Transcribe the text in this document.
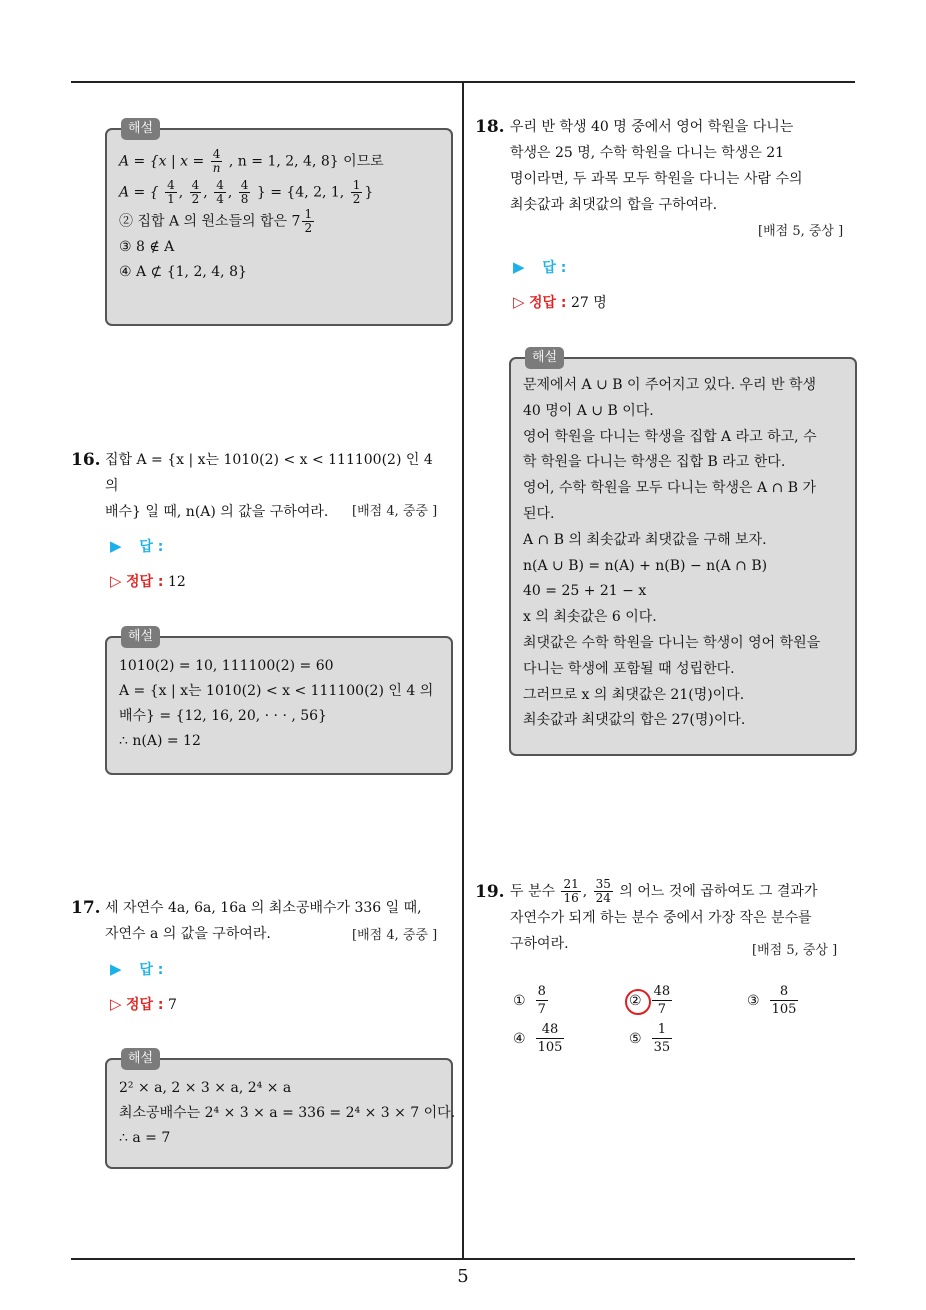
해설
A = {x | $x = \frac{4}{n}$ , n = 1, 2, 4, 8} 이므로
A = { $\frac{4}{1}$ , $\frac{4}{2}$ , $\frac{4}{4}$ , $\frac{4}{8}$ } = {4, 2, 1, $\frac{1}{2}$ }
② 집합 A 의 원소들의 합은 $7 \frac{1}{2}$
③ 8 ∉ A
④ A ⊄ {1, 2, 4, 8}
16. 집합 A = {x | x는 1010(2) < x < 111100(2) 인 4 의
배수} 일 때, n(A) 의 값을 구하여라.	[배점 4, 중중 ]
▶ 답 :
▷ 정답 : 12
해설
1010(2) = 10, 111100(2) = 60
A = {x | x는 1010(2) < x < 111100(2) 인 4 의
배수} = {12, 16, 20, · · · , 56}
∴ n(A) = 12
17. 세 자연수 4a, 6a, 16a 의 최소공배수가 336 일 때,
자연수 a 의 값을 구하여라.	[배점 4, 중중 ]
▶ 답 :
▷ 정답 : 7
해설
2² × a, 2 × 3 × a, 2⁴ × a
최소공배수는 2⁴ × 3 × a = 336 = 2⁴ × 3 × 7 이다.
∴ a = 7
18. 우리 반 학생 40 명 중에서 영어 학원을 다니는
학생은 25 명, 수학 학원을 다니는 학생은 21
명이라면, 두 과목 모두 학원을 다니는 사람 수의
최솟값과 최댓값의 합을 구하여라.
[배점 5, 중상 ]
▶ 답 :
▷ 정답 : 27 명
해설
문제에서 A ∪ B 이 주어지고 있다. 우리 반 학생
40 명이 A ∪ B 이다.
영어 학원을 다니는 학생을 집합 A 라고 하고, 수
학 학원을 다니는 학생은 집합 B 라고 한다.
영어, 수학 학원을 모두 다니는 학생은 A ∩ B 가
된다.
A ∩ B 의 최솟값과 최댓값을 구해 보자.
n(A ∪ B) = n(A) + n(B) − n(A ∩ B)
40 = 25 + 21 − x
x 의 최솟값은 6 이다.
최댓값은 수학 학원을 다니는 학생이 영어 학원을
다니는 학생에 포함될 때 성립한다.
그러므로 x 의 최댓값은 21(명)이다.
최솟값과 최댓값의 합은 27(명)이다.
19. 두 분수 $\frac{21}{16}$ , $\frac{35}{24}$ 의 어느 것에 곱하여도 그 결과가
자연수가 되게 하는 분수 중에서 가장 작은 분수를
구하여라.	[배점 5, 중상 ]
① $\frac{8}{7}$	② $\frac{48}{7}$	③ $\frac{8}{105}$
④ $\frac{48}{105}$	⑤ $\frac{1}{35}$
5
